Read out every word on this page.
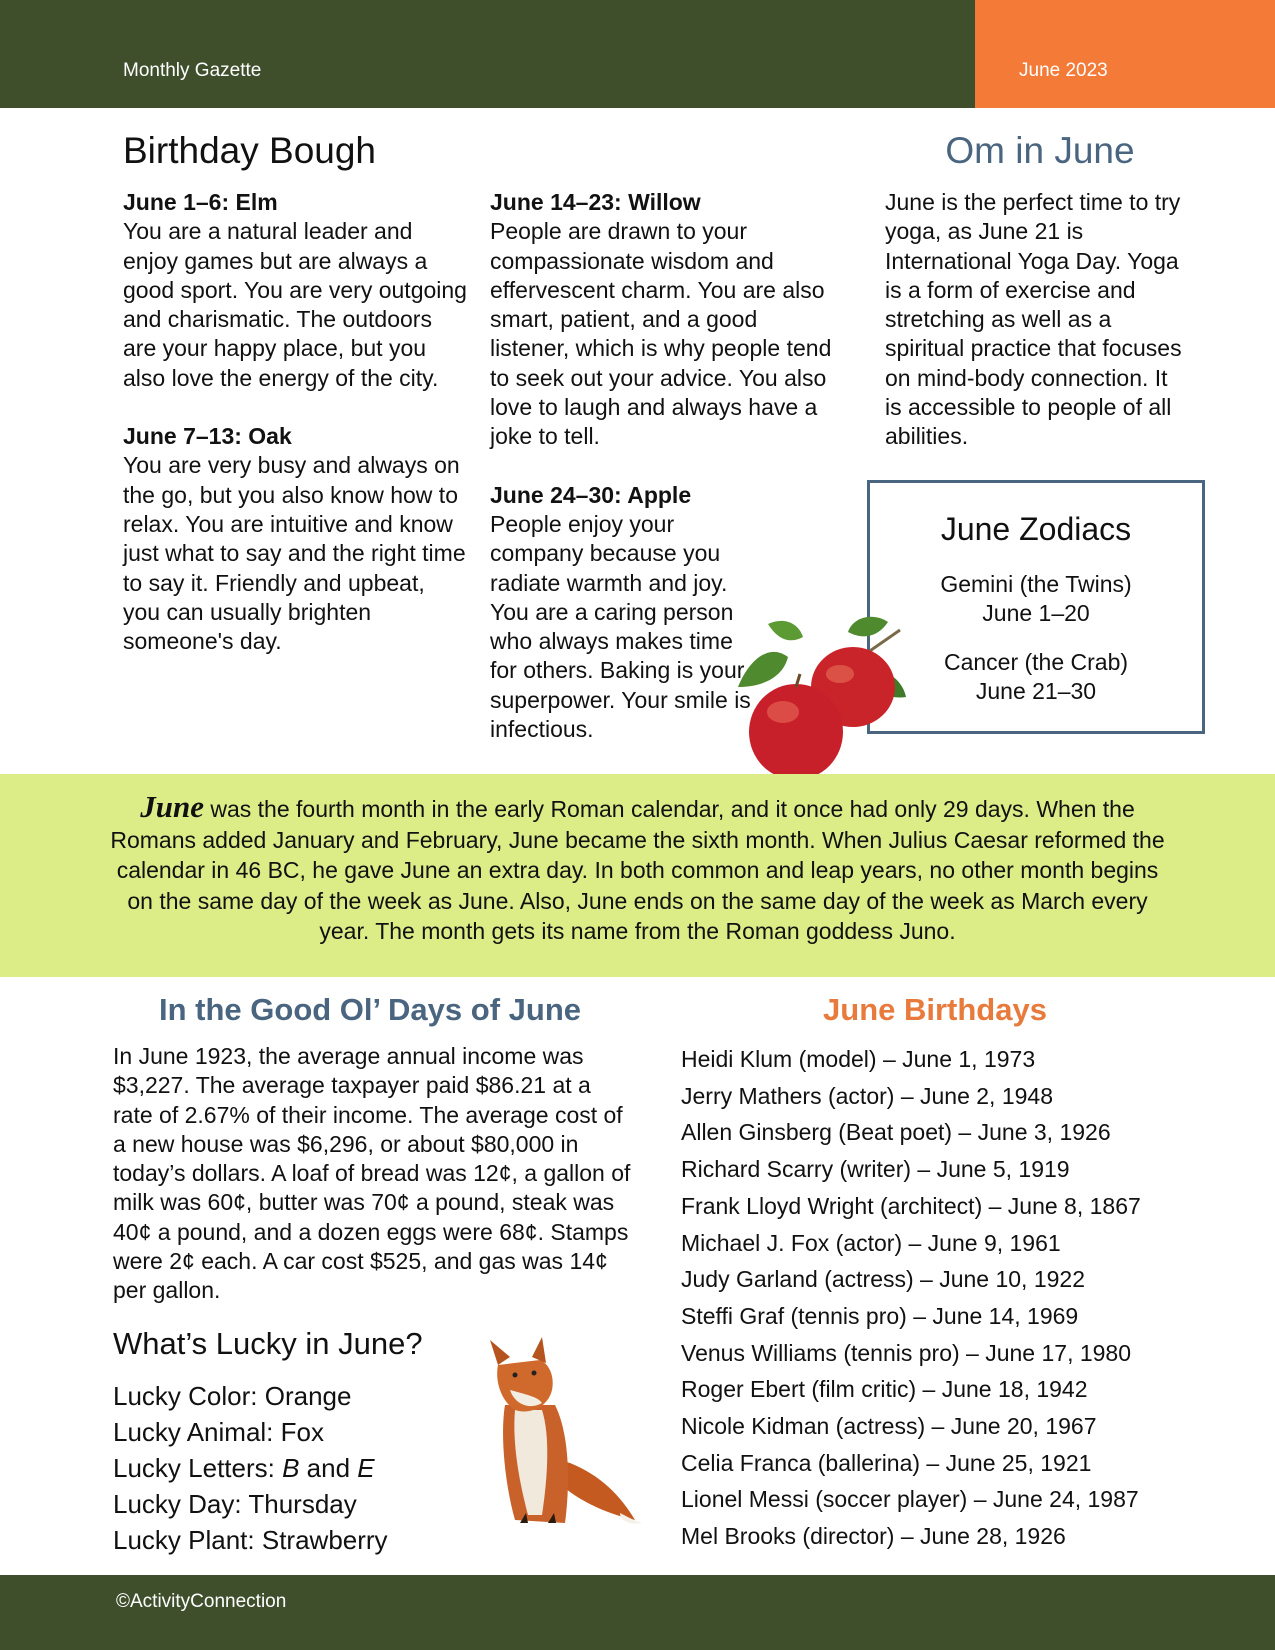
Monthly Gazette	June 2023
Birthday Bough
June 1–6: Elm

You are a natural leader and enjoy games but are always a good sport. You are very outgoing and charismatic. The outdoors are your happy place, but you also love the energy of the city.

June 7–13: Oak

You are very busy and always on the go, but you also know how to relax. You are intuitive and know just what to say and the right time to say it. Friendly and upbeat, you can usually brighten someone's day.

June 14–23: Willow

People are drawn to your compassionate wisdom and effervescent charm. You are also smart, patient, and a good listener, which is why people tend to seek out your advice. You also love to laugh and always have a joke to tell.

June 24–30: Apple

People enjoy your company because you radiate warmth and joy. You are a caring person who always makes time for others. Baking is your superpower. Your smile is infectious.

Om in June

June is the perfect time to try yoga, as June 21 is International Yoga Day. Yoga is a form of exercise and stretching as well as a spiritual practice that focuses on mind-body connection. It is accessible to people of all abilities.

June Zodiacs
Gemini (the Twins)
June 1–20
Cancer (the Crab)
June 21–30

June was the fourth month in the early Roman calendar, and it once had only 29 days. When the Romans added January and February, June became the sixth month. When Julius Caesar reformed the calendar in 46 BC, he gave June an extra day. In both common and leap years, no other month begins on the same day of the week as June. Also, June ends on the same day of the week as March every year. The month gets its name from the Roman goddess Juno.

In the Good Ol’ Days of June

In June 1923, the average annual income was $3,227. The average taxpayer paid $86.21 at a rate of 2.67% of their income. The average cost of a new house was $6,296, or about $80,000 in today’s dollars. A loaf of bread was 12¢, a gallon of milk was 60¢, butter was 70¢ a pound, steak was 40¢ a pound, and a dozen eggs were 68¢. Stamps were 2¢ each. A car cost $525, and gas was 14¢ per gallon.

What’s Lucky in June?
Lucky Color: Orange
Lucky Animal: Fox
Lucky Letters: B and E
Lucky Day: Thursday
Lucky Plant: Strawberry
June Birthdays
Heidi Klum (model) – June 1, 1973
Jerry Mathers (actor) – June 2, 1948
Allen Ginsberg (Beat poet) – June 3, 1926
Richard Scarry (writer) – June 5, 1919
Frank Lloyd Wright (architect) – June 8, 1867
Michael J. Fox (actor) – June 9, 1961
Judy Garland (actress) – June 10, 1922
Steffi Graf (tennis pro) – June 14, 1969
Venus Williams (tennis pro) – June 17, 1980
Roger Ebert (film critic) – June 18, 1942
Nicole Kidman (actress) – June 20, 1967
Celia Franca (ballerina) – June 25, 1921
Lionel Messi (soccer player) – June 24, 1987
Mel Brooks (director) – June 28, 1926
©ActivityConnection
